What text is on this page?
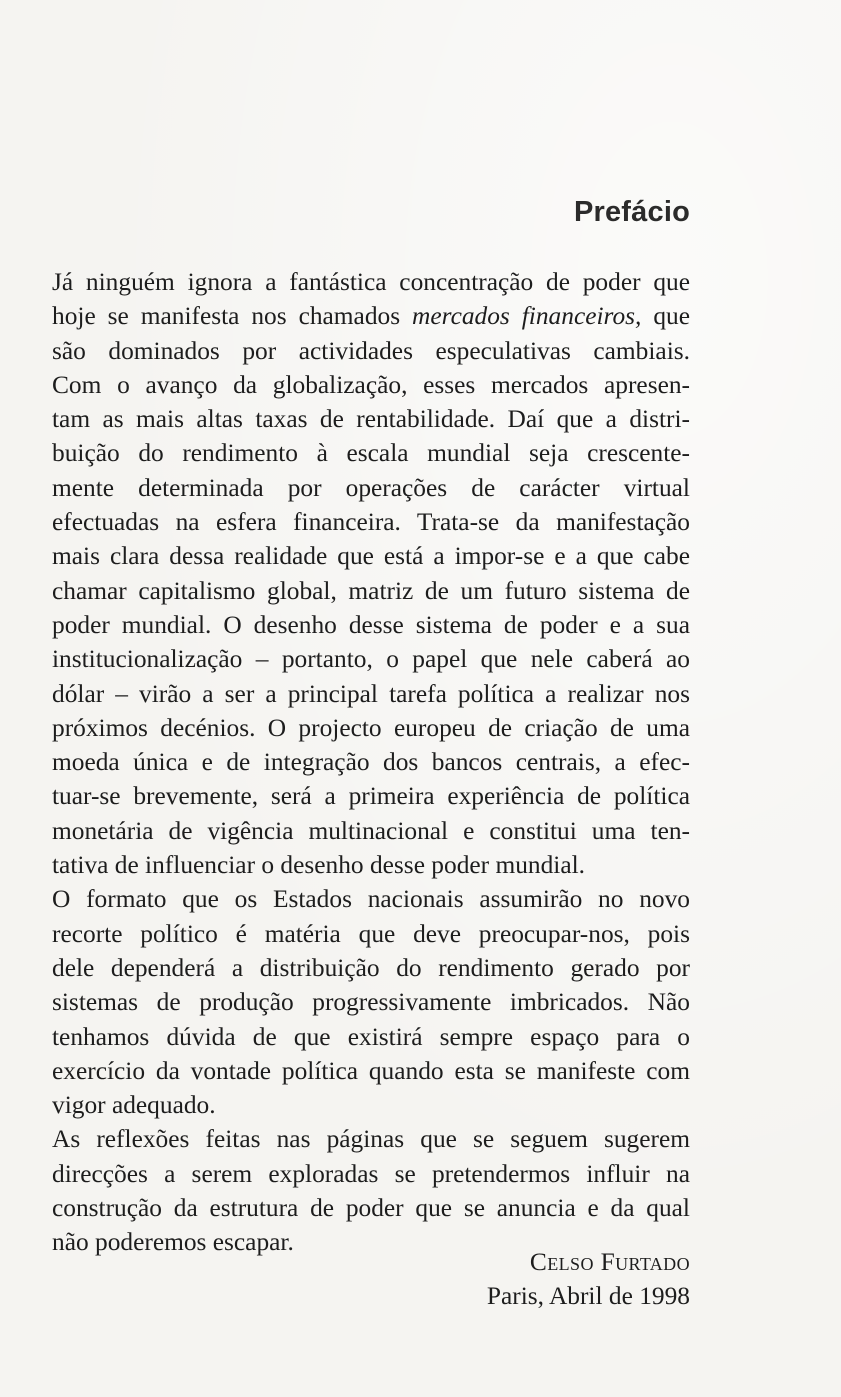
Prefácio
Já ninguém ignora a fantástica concentração de poder que
hoje se manifesta nos chamados mercados financeiros, que
são dominados por actividades especulativas cambiais.
Com o avanço da globalização, esses mercados apresen-
tam as mais altas taxas de rentabilidade. Daí que a distri-
buição do rendimento à escala mundial seja crescente-
mente determinada por operações de carácter virtual
efectuadas na esfera financeira. Trata-se da manifestação
mais clara dessa realidade que está a impor-se e a que cabe
chamar capitalismo global, matriz de um futuro sistema de
poder mundial. O desenho desse sistema de poder e a sua
institucionalização – portanto, o papel que nele caberá ao
dólar – virão a ser a principal tarefa política a realizar nos
próximos decénios. O projecto europeu de criação de uma
moeda única e de integração dos bancos centrais, a efec-
tuar-se brevemente, será a primeira experiência de política
monetária de vigência multinacional e constitui uma ten-
tativa de influenciar o desenho desse poder mundial.
O formato que os Estados nacionais assumirão no novo
recorte político é matéria que deve preocupar-nos, pois
dele dependerá a distribuição do rendimento gerado por
sistemas de produção progressivamente imbricados. Não
tenhamos dúvida de que existirá sempre espaço para o
exercício da vontade política quando esta se manifeste com
vigor adequado.
As reflexões feitas nas páginas que se seguem sugerem
direcções a serem exploradas se pretendermos influir na
construção da estrutura de poder que se anuncia e da qual
não poderemos escapar.
Celso Furtado
Paris, Abril de 1998
